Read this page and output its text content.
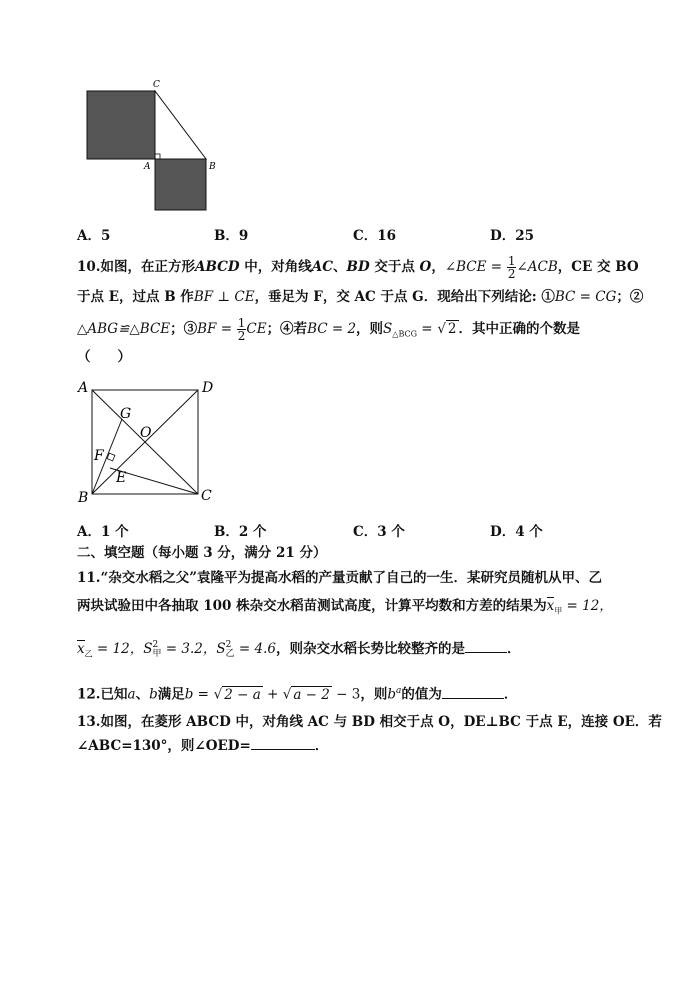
C
A	B
A．5	B．9	C．16	D．25
10.如图，在正方形ABCD 中，对角线AC、BD 交于点 O，∠BCE = $\frac{1}{2}$ ∠ACB，CE 交 BO
于点 E，过点 B 作BF ⊥ CE，垂足为 F，交 AC 于点 G．现给出下列结论: ①BC = CG；②
△ABG≌△BCE；③BF = $\frac{1}{2}$ CE；④若BC = 2，则$S_{\triangle BCG}$ = √ 2 ．其中正确的个数是
（　　）
A	D
G
O
F
E
B	C
A．1 个	B．2 个	C．3 个	D．4 个
二、填空题（每小题 3 分，满分 21 分）
11.“杂交水稻之父”袁隆平为提高水稻的产量贡献了自己的一生．某研究员随机从甲、乙
两块试验田中各抽取 100 株杂交水稻苗测试高度，计算平均数和方差的结果为$x_甲 = 12$，
$x_乙 = 12$，S 2
甲 = 3.2，S 2
乙 = 4.6，则杂交水稻长势比较整齐的是	．
12.已知a、b满足b = √ 2 − a + √ a − 2 − 3，则$b^a$的值为	．
13.如图，在菱形 ABCD 中，对角线 AC 与 BD 相交于点 O，DE⊥BC 于点 E，连接 OE．若
∠ABC=130°，则∠OED=	．
